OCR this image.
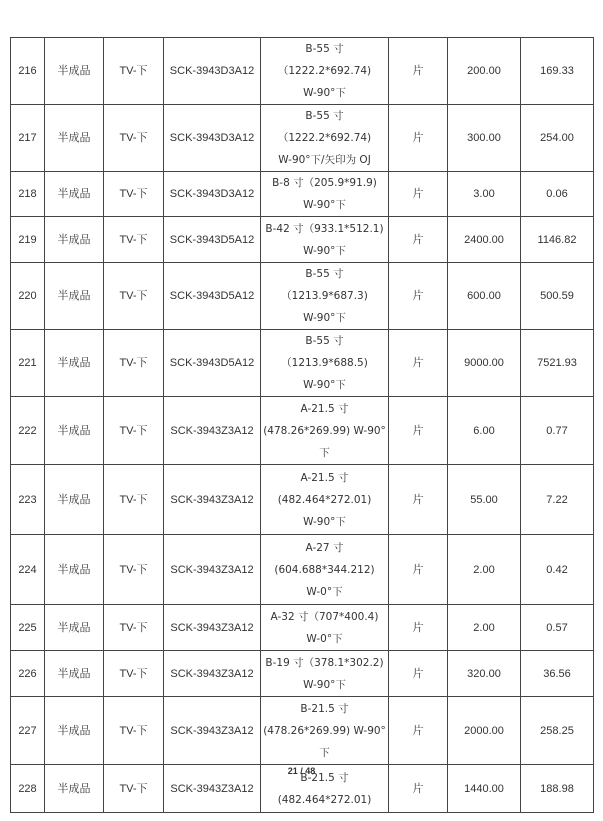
216	半成品	TV-下	SCK-3943D3A12	B-55 寸（1222.2*692.74)
W-90°下	片	200.00	169.33
217	半成品	TV-下	SCK-3943D3A12	B-55 寸（1222.2*692.74)
W-90°下/矢印为 OJ	片	300.00	254.00
218	半成品	TV-下	SCK-3943D3A12	B-8 寸（205.9*91.9)
W-90°下	片	3.00	0.06
219	半成品	TV-下	SCK-3943D5A12	B-42 寸（933.1*512.1)
W-90°下	片	2400.00	1146.82
220	半成品	TV-下	SCK-3943D5A12	B-55 寸（1213.9*687.3)
W-90°下	片	600.00	500.59
221	半成品	TV-下	SCK-3943D5A12	B-55 寸（1213.9*688.5)
W-90°下	片	9000.00	7521.93
222	半成品	TV-下	SCK-3943Z3A12	A-21.5 寸
(478.26*269.99) W-90°
下	片	6.00	0.77
223	半成品	TV-下	SCK-3943Z3A12	A-21.5 寸
(482.464*272.01)
W-90°下	片	55.00	7.22
224	半成品	TV-下	SCK-3943Z3A12	A-27 寸
(604.688*344.212)
W-0°下	片	2.00	0.42
225	半成品	TV-下	SCK-3943Z3A12	A-32 寸（707*400.4)
W-0°下	片	2.00	0.57
226	半成品	TV-下	SCK-3943Z3A12	B-19 寸（378.1*302.2)
W-90°下	片	320.00	36.56
227	半成品	TV-下	SCK-3943Z3A12	B-21.5 寸
(478.26*269.99) W-90°
下	片	2000.00	258.25
228	半成品	TV-下	SCK-3943Z3A12	B-21.5 寸
(482.464*272.01)	片	1440.00	188.98
21 / 48
